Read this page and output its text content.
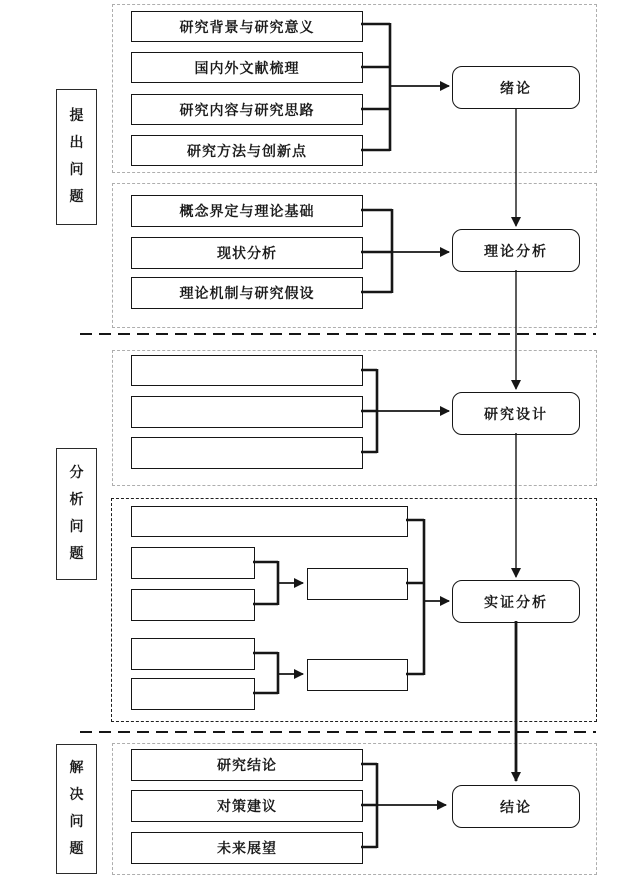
提出问题
分析问题
解决问题
研究背景与研究意义
国内外文献梳理
研究内容与研究思路
研究方法与创新点
概念界定与理论基础
现状分析
理论机制与研究假设
研究结论
对策建议
未来展望
绪论
理论分析
研究设计
实证分析
结论
